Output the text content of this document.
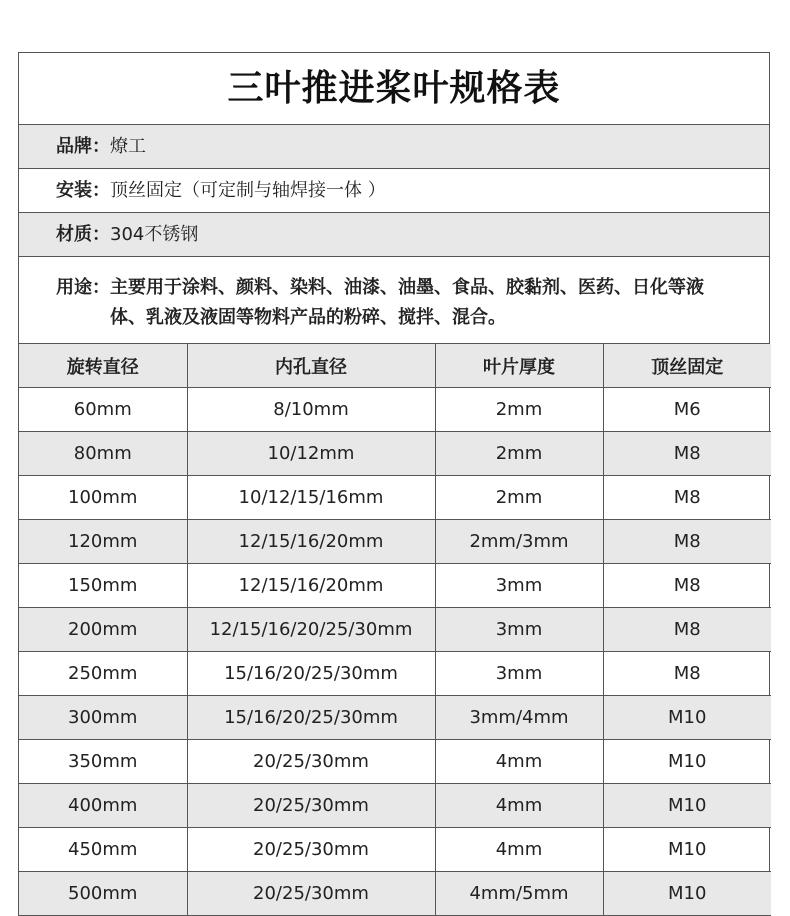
三叶推进桨叶规格表
品牌：燎工
安装：顶丝固定（可定制与轴焊接一体 ）
材质：304不锈钢
用途： 主要用于涂料、颜料、染料、油漆、油墨、食品、胶黏剂、医药、日化等液体、乳液及液固等物料产品的粉碎、搅拌、混合。
旋转直径	内孔直径	叶片厚度	顶丝固定
60mm	8/10mm	2mm	M6
80mm	10/12mm	2mm	M8
100mm	10/12/15/16mm	2mm	M8
120mm	12/15/16/20mm	2mm/3mm	M8
150mm	12/15/16/20mm	3mm	M8
200mm	12/15/16/20/25/30mm	3mm	M8
250mm	15/16/20/25/30mm	3mm	M8
300mm	15/16/20/25/30mm	3mm/4mm	M10
350mm	20/25/30mm	4mm	M10
400mm	20/25/30mm	4mm	M10
450mm	20/25/30mm	4mm	M10
500mm	20/25/30mm	4mm/5mm	M10
